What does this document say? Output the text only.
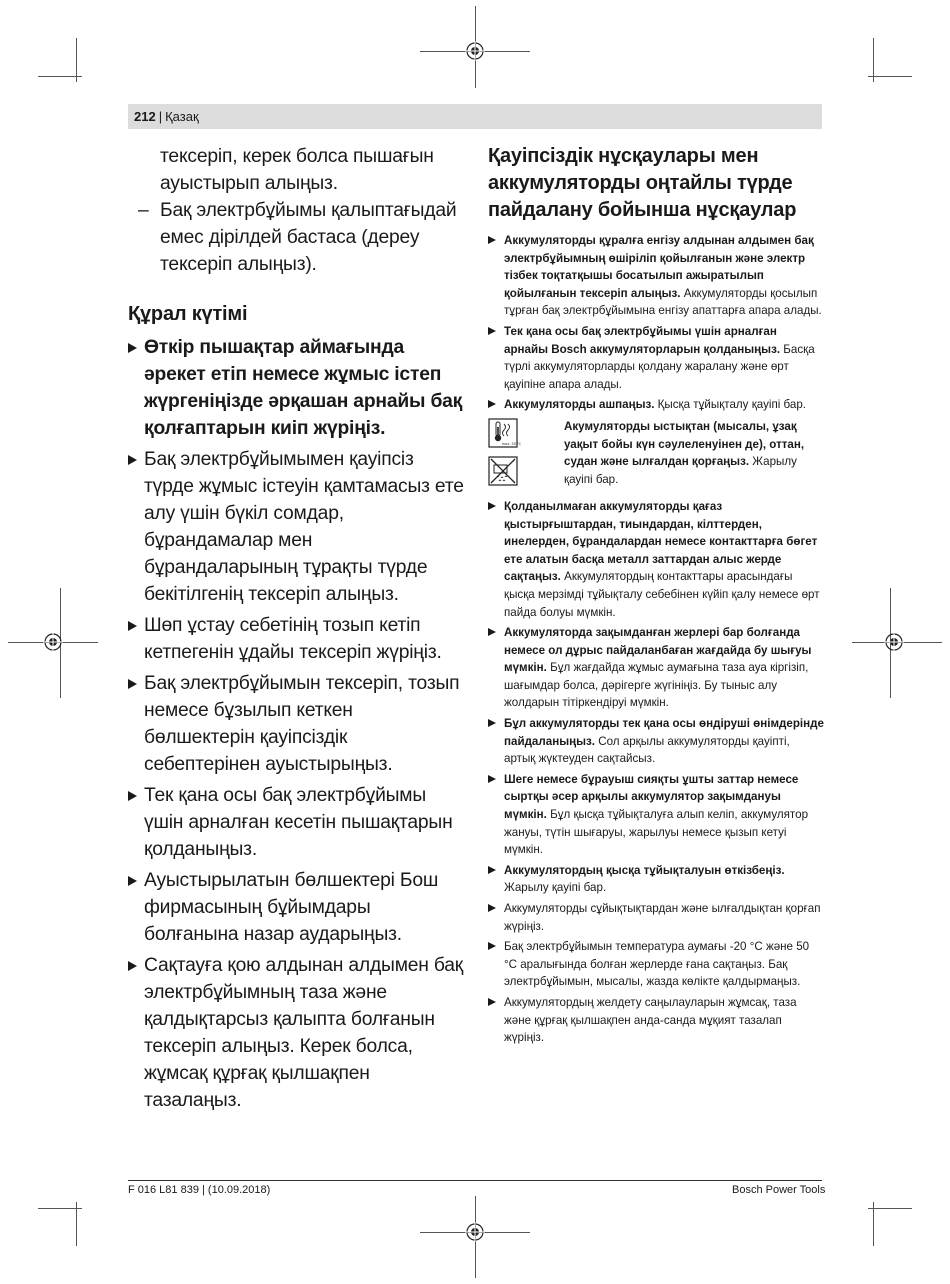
212 | Қазақ

тексеріп, керек болса пышағын ауыстырып алыңыз.

– Бақ электрбұйымы қалыптағыдай емес дірілдей бастаса (дереу тексеріп алыңыз).

Құрал күтімі
Өткір пышақтар аймағында әрекет етіп немесе жұмыс істеп жүргеніңізде әрқашан арнайы бақ қолғаптарын киіп жүріңіз.
Бақ электрбұйымымен қауіпсіз түрде жұмыс істеуін қамтамасыз ете алу үшін бүкіл сомдар, бұрандамалар мен бұрандаларының тұрақты түрде бекітілгенің тексеріп алыңыз.
Шөп ұстау себетінің тозып кетіп кетпегенін ұдайы тексеріп жүріңіз.
Бақ электрбұйымын тексеріп, тозып немесе бұзылып кеткен бөлшектерін қауіпсіздік себептерінен ауыстырыңыз.
Тек қана осы бақ электрбұйымы үшін арналған кесетін пышақтарын қолданыңыз.
Ауыстырылатын бөлшектері Бош фирмасының бұйымдары болғанына назар аударыңыз.
Сақтауға қою алдынан алдымен бақ электрбұйымның таза және қалдықтарсыз қалыпта болғанын тексеріп алыңыз. Керек болса, жұмсақ құрғақ қылшақпен тазалаңыз.
Қауіпсіздік нұсқаулары мен аккумуляторды оңтайлы түрде пайдалану бойынша нұсқаулар
Аккумуляторды құралға енгізу алдынан алдымен бақ электрбұйымның өшіріліп қойылғанын және электр тізбек тоқтатқышы босатылып ажыратылып қойылғанын тексеріп алыңыз. Аккумуляторды қосылып тұрған бақ электрбұйымына енгізу апаттарға апара алады.
Тек қана осы бақ электрбұйымы үшін арналған арнайы Bosch аккумуляторларын қолданыңыз. Басқа түрлі аккумуляторларды қолдану жаралану және өрт қауіпіне апара алады.
Аккумуляторды ашпаңыз. Қысқа тұйықталу қауіпі бар.
max. 50 °C
Акумуляторды ыстықтан (мысалы, ұзақ уақыт бойы күн сәулеленуінен де), оттан, судан және ылғалдан қорғаңыз. Жарылу қауіпі бар.
Қолданылмаған аккумуляторды қағаз қыстырғыштардан, тиындардан, кілттерден, инелерден, бұрандалардан немесе контакттарға бөгет ете алатын басқа металл заттардан алыс жерде сақтаңыз. Аккумулятордың контакттары арасындағы қысқа мерзімді тұйықталу себебінен күйіп қалу немесе өрт пайда болуы мүмкін.
Аккумуляторда зақымданған жерлері бар болғанда немесе ол дұрыс пайдаланбаған жағдайда бу шығуы мүмкін. Бұл жағдайда жұмыс аумағына таза ауа кіргізіп, шағымдар болса, дәрігерге жүгініңіз. Бу тыныс алу жолдарын тітіркендіруі мүмкін.
Бұл аккумуляторды тек қана осы өндіруші өнімдерінде пайдаланыңыз. Сол арқылы аккумуляторды қауіпті, артық жүктеуден сақтайсыз.
Шеге немесе бұрауыш сияқты ұшты заттар немесе сыртқы әсер арқылы аккумулятор зақымдануы мүмкін. Бұл қысқа тұйықталуға алып келіп, аккумулятор жануы, түтін шығаруы, жарылуы немесе қызып кетуі мүмкін.
Аккумулятордың қысқа тұйықталуын өткізбеңіз. Жарылу қауіпі бар.
Аккумуляторды сұйықтықтардан және ылғалдықтан қорғап жүріңіз.
Бақ электрбұйымын температура аумағы -20 °C және 50 °C аралығында болған жерлерде ғана сақтаңыз. Бақ электрбұйымын, мысалы, жазда көлікте қалдырмаңыз.
Аккумулятордың желдету саңылауларын жұмсақ, таза және құрғақ қылшақпен анда-санда мұқият тазалап жүріңіз.
F 016 L81 839 | (10.09.2018)	Bosch Power Tools
